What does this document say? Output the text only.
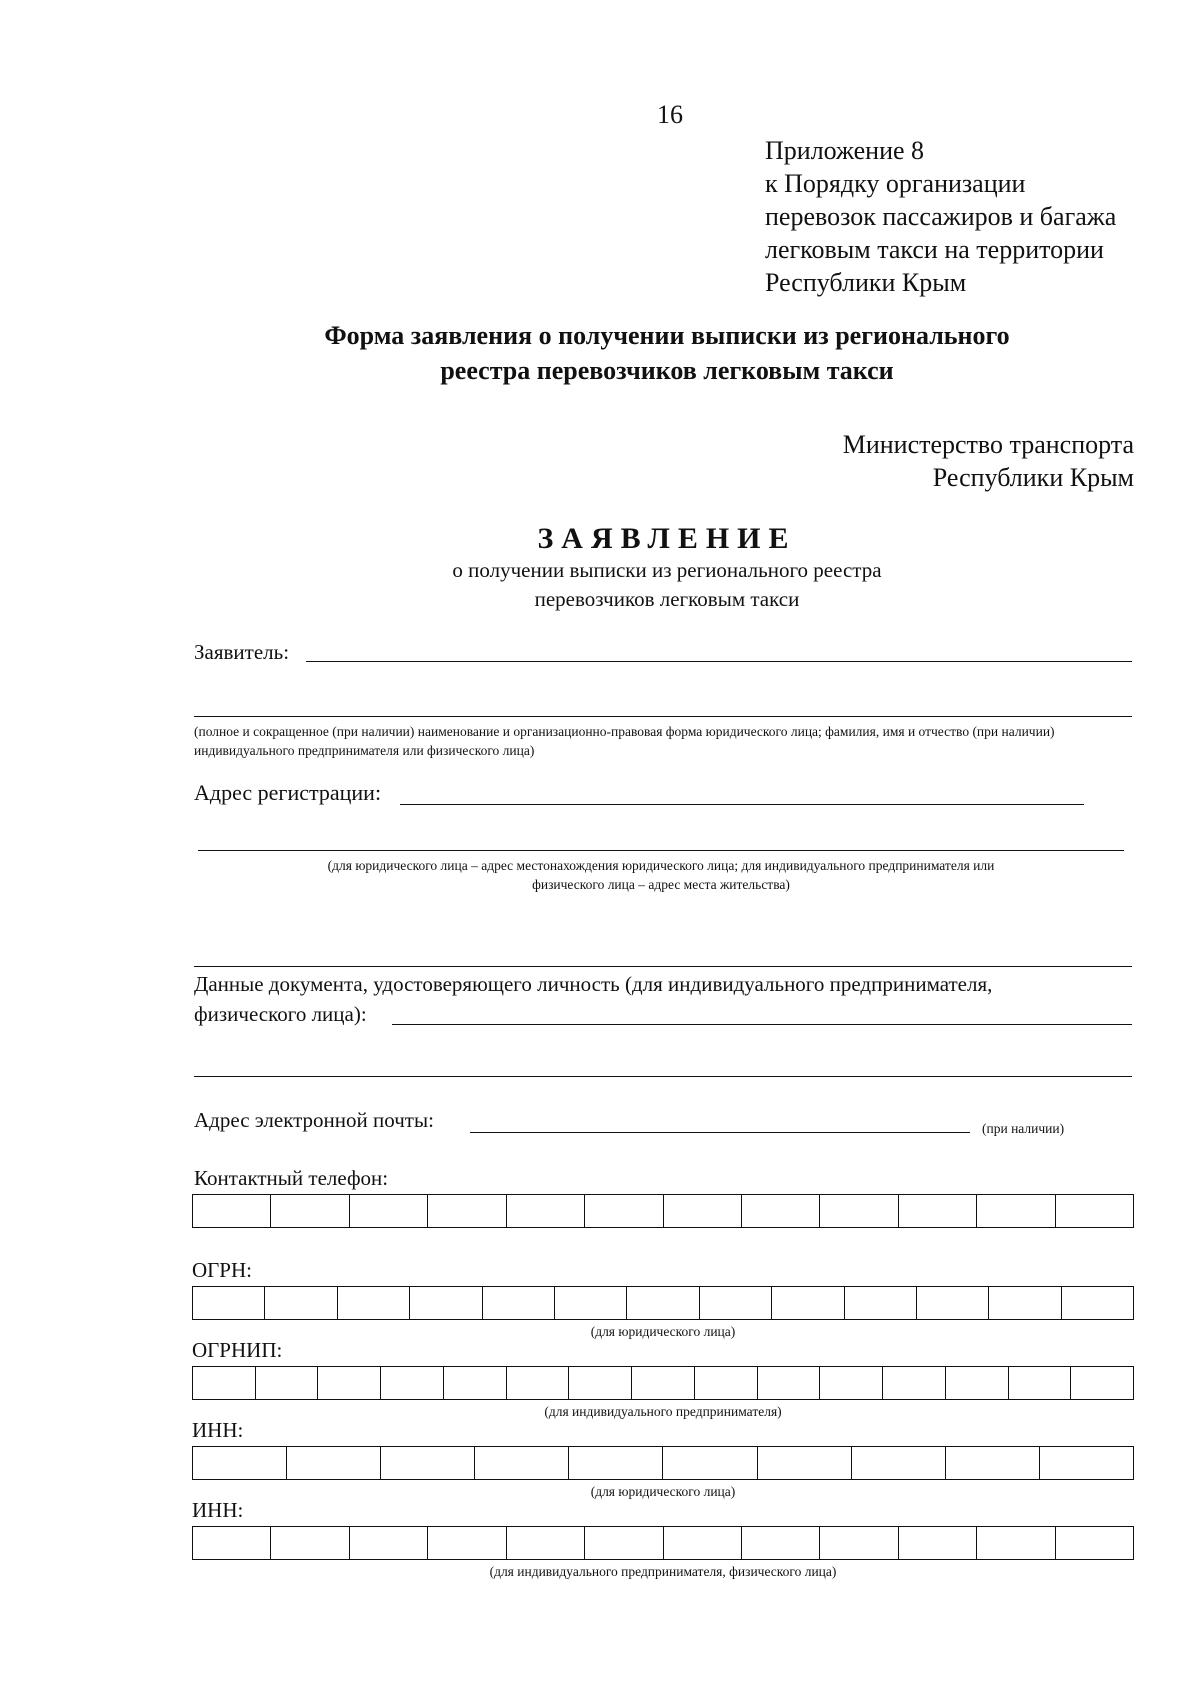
16
Приложение 8
к Порядку организации
перевозок пассажиров и багажа
легковым такси на территории
Республики Крым
Форма заявления о получении выписки из регионального
реестра перевозчиков легковым такси
Министерство транспорта
Республики Крым
ЗАЯВЛЕНИЕ
о получении выписки из регионального реестра
перевозчиков легковым такси
Заявитель:
(полное и сокращенное (при наличии) наименование и организационно-правовая форма юридического лица; фамилия, имя и отчество (при наличии) индивидуального предпринимателя или физического лица)
Адрес регистрации:
(для юридического лица – адрес местонахождения юридического лица; для индивидуального предпринимателя или
физического лица – адрес места жительства)
Данные документа, удостоверяющего личность (для индивидуального предпринимателя,
физического лица):
Адрес электронной почты:	(при наличии)
Контактный телефон:
ОГРН:
(для юридического лица)
ОГРНИП:
(для индивидуального предпринимателя)
ИНН:
(для юридического лица)
ИНН:
(для индивидуального предпринимателя, физического лица)
